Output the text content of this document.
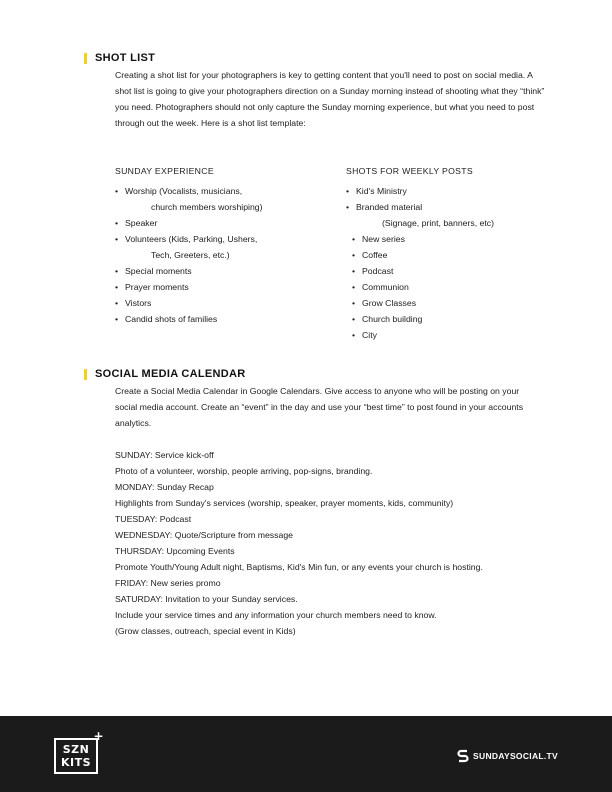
SHOT LIST
Creating a shot list for your photographers is key to getting content that you'll need to post on social media. A shot list is going to give your photographers direction on a Sunday morning instead of shooting what they “think” you need. Photographers should not only capture the Sunday morning experience, but what you need to post through out the week. Here is a shot list template:
SUNDAY EXPERIENCE
• Worship (Vocalists, musicians,
church members worshiping)
• Speaker
• Volunteers (Kids, Parking, Ushers,
Tech, Greeters, etc.)
• Special moments
• Prayer moments
• Vistors
• Candid shots of families
SHOTS FOR WEEKLY POSTS
• Kid's Ministry
• Branded material
(Signage, print, banners, etc)
• New series
• Coffee
• Podcast
• Communion
• Grow Classes
• Church building
• City
SOCIAL MEDIA CALENDAR
Create a Social Media Calendar in Google Calendars. Give access to anyone who will be posting on your social media account. Create an “event” in the day and use your “best time” to post found in your accounts analytics.
SUNDAY: Service kick-off
Photo of a volunteer, worship, people arriving, pop-signs, branding.
MONDAY: Sunday Recap
Highlights from Sunday's services (worship, speaker, prayer moments, kids, community)
TUESDAY: Podcast
WEDNESDAY: Quote/Scripture from message
THURSDAY: Upcoming Events
Promote Youth/Young Adult night, Baptisms, Kid's Min fun, or any events your church is hosting.
FRIDAY: New series promo
SATURDAY: Invitation to your Sunday services.
Include your service times and any information your church members need to know.
(Grow classes, outreach, special event in Kids)
SZN
KITS
+
SUNDAYSOCIAL.TV
